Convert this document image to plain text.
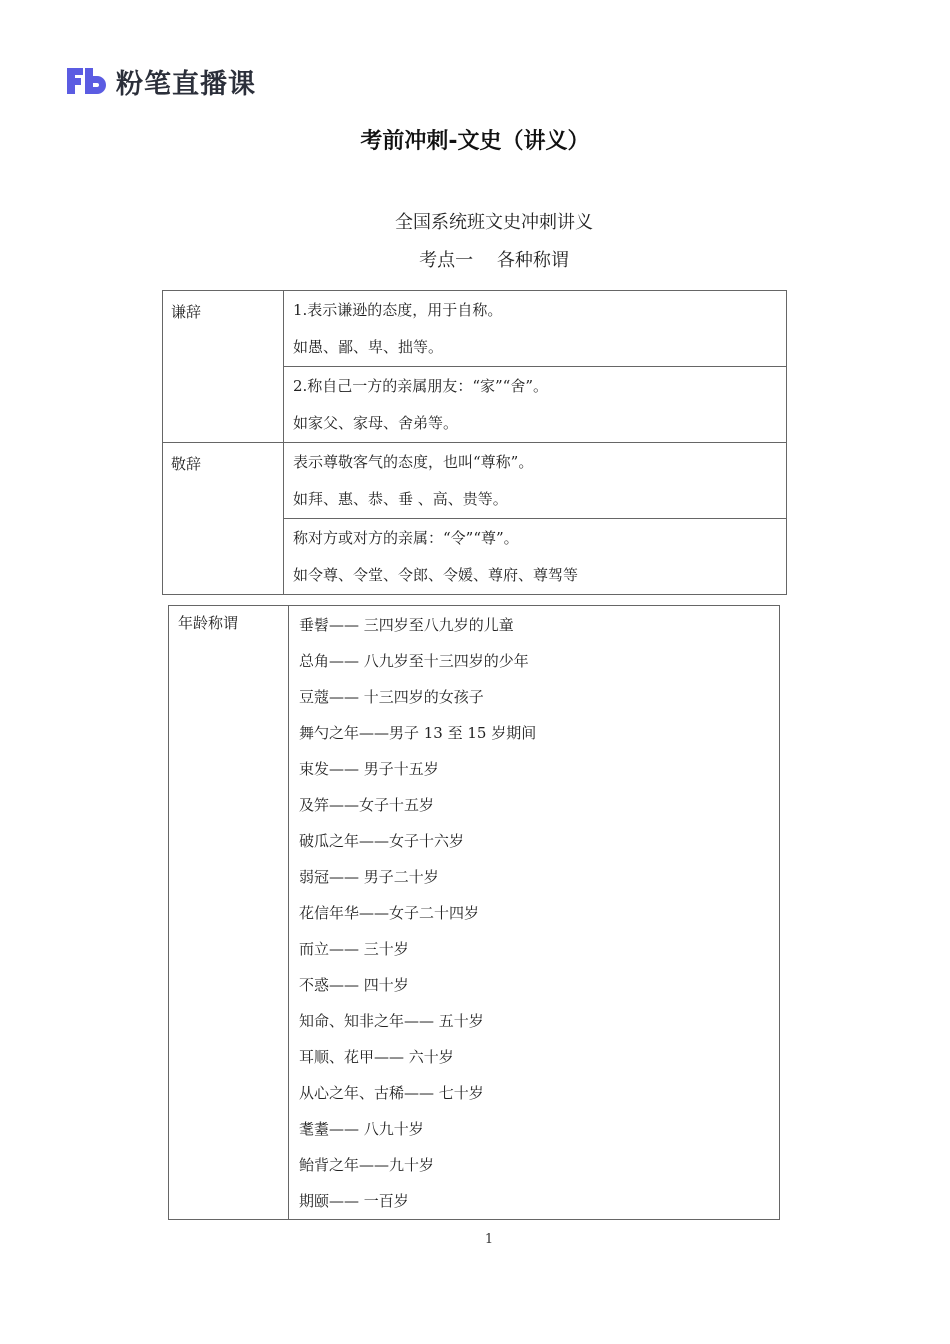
粉笔直播课
考前冲刺-文史（讲义）
全国系统班文史冲刺讲义
考点一　 各种称谓
谦辞	1.表示谦逊的态度，用于自称。
如愚、鄙、卑、拙等。

	2.称自己一方的亲属朋友：“家”“舍”。
如家父、家母、舍弟等。

敬辞	表示尊敬客气的态度，也叫“尊称”。
如拜、惠、恭、垂 、高、贵等。

	称对方或对方的亲属：“令”“尊”。
如令尊、令堂、令郎、令媛、尊府、尊驾等
年龄称谓	垂髫—— 三四岁至八九岁的儿童
总角—— 八九岁至十三四岁的少年
豆蔻—— 十三四岁的女孩子
舞勺之年——男子 13 至 15 岁期间
束发—— 男子十五岁
及笄——女子十五岁
破瓜之年——女子十六岁
弱冠—— 男子二十岁
花信年华——女子二十四岁
而立—— 三十岁
不惑—— 四十岁
知命、知非之年—— 五十岁
耳顺、花甲—— 六十岁
从心之年、古稀—— 七十岁
耄耋—— 八九十岁
鲐背之年——九十岁
期颐—— 一百岁
1
